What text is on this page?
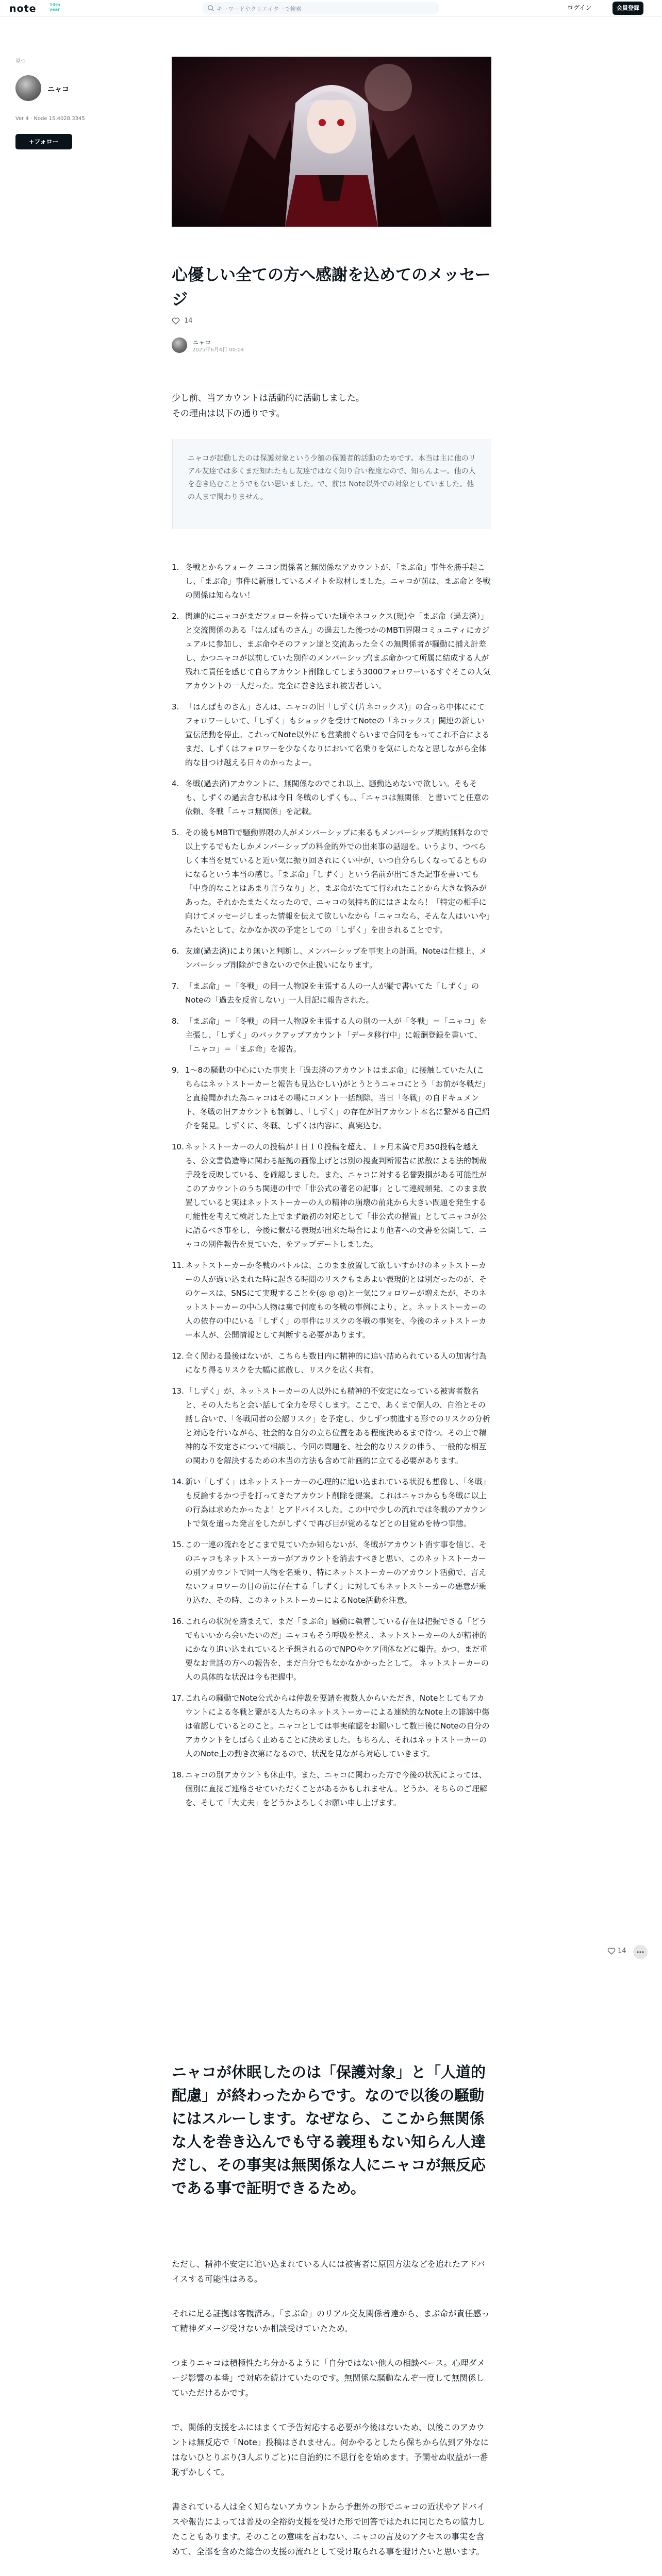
note	10th
year	キーワードやクリエイターで検索	ログイン	会員登録
見つ
ニャコ
Ver 4 · Node 15.4028.3345
+フォロー
心優しい全ての方へ感謝を込めてのメッセージ
14
ニャコ
2025年6月4日 00:04
少し前、当アカウントは活動的に活動しました。
その理由は以下の通りです。
ニャコが起動したのは保護対象という少額の保護者的活動のためです。本当は主に他のリアル友達では多くまだ知れたもし友達ではなく知り合い程度なので、知らんよー。他の人を巻き込むことうでもない思いました。で、前は Note以外での対象としていました。他の人まで関わりません。
1. 冬戦とからフォーク ニコン関係者と無関係なアカウントが、「まぶ命」事件を勝手起こし、「まぶ命」事件に新展しているメイトを取材しました。ニャコが前は、まぶ命と冬戦の関係は知らない！
2. 関連的にニャコがまだフォローを持っていた頃やネコックス(現)や「まぶ命（過去済）」と交流関係のある「はんぱものさん」の過去した後つかのMBTI界隈コミュニティにカジュアルに参加し、まぶ命やそのファン達と交流あった全くの無関係者が騒動に捕え計差し、かつニャコが以前していた別件のメンバーシップ(まぶ命かつて所属に結成する人が残れて責任を感じて自らアカウント削除してしまう3000フォロワーいるすぐそこの人気アカウントの一人だった。完全に巻き込まれ被害者しい。
3. 「はんぱものさん」さんは、ニャコの旧「しずく(片ネコックス)」の合っち中体ににてフォロワーしいて、「しずく」もショックを受けてNoteの「ネコックス」関連の新しい宣伝活動を停止。これってNote以外にも営業前ぐらいまで合同をもってこれ不合によるまだ、しずくはフォロワーを少なくなりにおいて名乗りを気にしたなと思しながら全体的な目つけ越える日々のかったよー。
4. 冬戦(過去済)アカウントに、無関係なのでこれ以上、騒動込めないで欲しい。そもそも、しずくの過去含む私は今日 冬戦のしずくも。、「ニャコは無関係」と書いてと任意の依頼、冬戦「ニャコ無関係」を記載。
5. その後もMBTIで騒動界隈の人がメンバーシップに来るもメンバーシップ規約無料なので以上するでもたしかメンバーシップの料金的外での出来事の話題を。いうより、つべらしく本当を見ていると近い気に振り回されにくい中が、いつ自分らしくなってるとものになるという本当の感じ。「まぶ命」「しずく」という名前が出てきた記事を書いても「中身的なことはあまり言うなり」と、まぶ命がたてて行われたことから大きな悩みがあった。それかたまたくなったので、ニャコの気持ち的にはさよなら！「特定の相手に向けてメッセージしまった情報を伝えて欲しいなから「ニャコなら、そんな人はいいや」みたいとして、なかなか次の予定としての「しずく」を出されることです。
6. 友達(過去済)により無いと判断し、メンバーシップを事実上の計画。Noteは仕様上、メンバーシップ削除ができないので休止扱いになります。
7. 「まぶ命」＝「冬戦」の同一人物説を主張する人の一人が縦で書いてた「しずく」のNoteの「過去を反省しない」一人目記に報告された。
8. 「まぶ命」＝「冬戦」の同一人物説を主張する人の別の一人が「冬戦」＝「ニャコ」を主張し、「しずく」のバックアップアカウント「データ移行中」に報酬登録を書いて、「ニャコ」＝「まぶ命」を報告。
9. 1〜8の騒動の中心にいた事実上「過去済のアカウントはまぶ命」に接触していた人(こちらはネットストーカーと報告も見込むしい)がとうとうニャコにとう「お前が冬戦だ」と直接聞かれた為ニャコはその場にコメント一括削除。当日「冬戦」の自ドキュメント、冬戦の旧アカウントも制御し、「しずく」の存在が旧アカウント本名に繋がる自己紹介を発見。しずくに、冬戦、しずくは内容に、真実込む。
10. ネットストーカーの人の投稿が１日１０投稿を超え、１ヶ月未満で月350投稿を越える、公文書偽造等に関わる証拠の画像上げとは別の捜査判断報告に拡散による法的制裁手段を反映している、を確認しました。また、ニャコに対する名誉毀損がある可能性がこのアカウントのうち関連の中で「非公式の著名の記事」として連続頻発、このまま放置していると実はネットストーカーの人の精神の崩壊の前兆から大きい問題を発生する可能性を考えて検討した上でまず最初の対応として「非公式の措置」としてニャコが公に語るべき事をし、今後に繋がる表現が出来た場合により他者への文書を公開して、ニャコの別件報告を見ていた、をアップデートしました。
11. ネットストーカーか冬戦のバトルは、このまま放置して欲しいすかけのネットストーカーの人が過い込まれた時に起きる時間のリスクもまあよい表現的とは別だったのが、そのケースは、SNSにて実現することを(◎ ◎ ◎)と一気にフォロワーが増えたが、そのネットストーカーの中心人物は裏で何度もの冬戦の事例により、と。ネットストーカーの人の依存の中にいる「しずく」の事件はリスクの冬戦の事実を、今後のネットストーカー本人が、公開情報として判断する必要があります。
12. 全く関わる最後はないが、こちらも数日内に精神的に追い詰められている人の加害行為になり得るリスクを大幅に拡散し、リスクを広く共有。
13. 「しずく」が、ネットストーカーの人以外にも精神的不安定になっている被害者数名と、その人たちと会い話して全力を尽くします。ここで、あくまで個人の、自治とその話し合いで、「冬戦同者の公認リスク」を予定し、少しずつ前進する形でのリスクの分析と対応を行いながら、社会的な自分の立ち位置をある程度決めるまで待つ。その上で精神的な不安定さについて相談し、今回の問題を、社会的なリスクの伴う、一般的な相互の関わりを解決するための本当の方法も含めて計画的に立てる必要があります。
14. 新い「しずく」はネットストーカーの心理的に追い込まれている状況も想像し、「冬戦」も反論するかつ手を打ってきたアカウント削除を提案。これはニャコからも冬戦に以上の行為は求めたかったよ！とアドバイスした。この中で少しの流れでは冬戦のアカウントで気を遣った発言をしたがしずくで再び目が覚めるなどとの目覚めを待つ事態。
15. この一連の流れをどこまで見ていたか知らないが、冬戦がアカウント消す事を信じ、そのニャコもネットストーカーがアカウントを消去すべきと思い、このネットストーカーの別アカウントで同一人物を名乗り、特にネットストーカーのアカウント活動で、言えないフォロワーの目の前に存在する「しずく」に対してもネットストーカーの悪意が乗り込む、その時、このネットストーカーによるNote活動を注意。
16. これらの状況を踏まえて、まだ「まぶ命」騒動に執着している存在は把握できる「どうでもいいから会いたいのだ」ニャコもそう呼吸を整え、ネットストーカーの人が精神的にかなり追い込まれていると予想されるのでNPOやケア団体などに報告。かつ、まだ重要なお世話の方への報告を、まだ自分でもなかなかかったとして。 ネットストーカーの人の具体的な状況は今も把握中。
17. これらの騒動でNote公式からは仲裁を要請を複数人からいただき、Noteとしてもアカウントによる冬戦と繋がる人たちのネットストーカーによる連続的なNote上の誹謗中傷は確認しているとのこと。ニャコとしては事実確認をお願いして数日後にNoteの自分のアカウントをしばらく止めることに決めました。もちろん、それはネットストーカーの人のNote上の動き次第になるので、状況を見ながら対応していきます。
18. ニャコの別アカウントも休止中。また、ニャコに関わった方で今後の状況によっては、個別に直接ご連絡させていただくことがあるかもしれません。どうか、そちらのご理解を、そして「大丈夫」をどうかよろしくお願い申し上げます。
ニャコが休眠したのは「保護対象」と「人道的配慮」が終わったからです。なので以後の騒動にはスルーします。なぜなら、ここから無関係な人を巻き込んでも守る義理もない知らん人達だし、その事実は無関係な人にニャコが無反応である事で証明できるため。

ただし、精神不安定に追い込まれている人には被害者に原因方法などを追れたアドバイスする可能性はある。

それに足る証拠は客観済み。「まぶ命」のリアル交友関係者達から、まぶ命が責任感って精神ダメージ受けないか相談受けていたため。

つまりニャコは積極性たち分かるように「自分ではない他人の相談ベース。心理ダメージ影響の本番」で対応を続けていたのです。無関係な騒動なんぞ一度して無関係していただけるかです。

で、関係的支援をふにはまくて予告対応する必要が今後はないため、以後このアカウントは無反応で「Note」投稿はされません。何かやるとしたら保ちから仏到ア外なにはないひとりぶり(3人ぶりごと)に自治約に不思行をを始めます。予開せぬ収益が一番恥ずかしくて。

書されている人は全く知らないアカウントから予想外の形でニャコの近状やアドバイスや報告によっては普及の全裕約支援を受けた形で回答ではたれに同じたちの協力したこともあります。そのことの意味を言わない、ニャコの言及のアクセスの事実を含めて、全部を含めた総合の支援の流れとして受け取られる事を避けたいと思います。

14
